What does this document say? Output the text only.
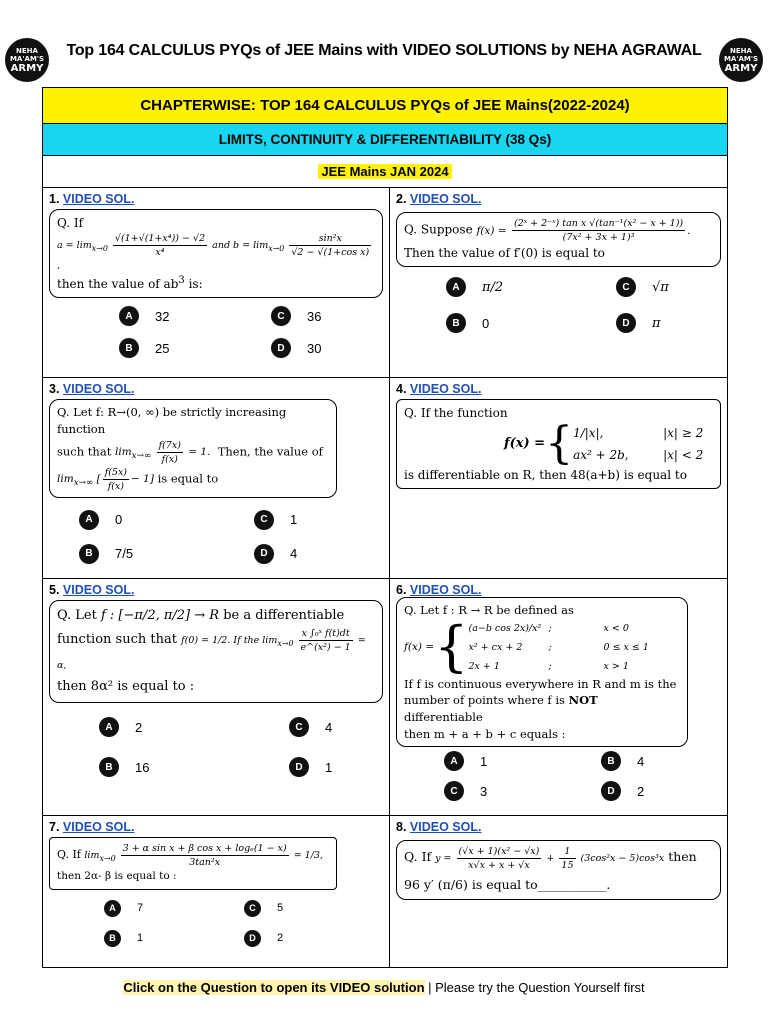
NEHA
MA'AM'S
ARMY
NEHA
MA'AM'S
ARMY
Top 164 CALCULUS PYQs of JEE Mains with VIDEO SOLUTIONS by NEHA AGRAWAL
CHAPTERWISE: TOP 164 CALCULUS PYQs of JEE Mains(2022-2024)
LIMITS, CONTINUITY & DIFFERENTIABILITY (38 Qs)
JEE Mains JAN 2024
1. VIDEO SOL.
Q. If
$a = \lim_{x\to 0} \frac{\text{√(1+√(1+x⁴)) − √2}}{\text{x⁴}}$ and $b = \lim_{x\to 0} \frac{\text{sin²x}}{\text{√2 − √(1+cos x)}}$
,
then the value of $ab^3$ is:
A	32	C	36
B	25	D	30
2. VIDEO SOL.
Q. Suppose $f(x) = \frac{\text{(2ˣ + 2⁻ˣ) tan x √(tan⁻¹(x² − x + 1))}}{\text{(7x² + 3x + 1)³}}$ .
Then the value of f′(0) is equal to
A	π/2	C	√π
B	0	D	π
3. VIDEO SOL.
Q. Let f: R→(0, ∞) be strictly increasing function
such that $\lim_{x\to\infty} \frac{f(7x)}{f(x)} = 1$. Then, the value of
$\lim_{x\to\infty}$ [ $\frac{f(5x)}{f(x)} - 1$] is equal to
A	0	C	1
B	7/5	D	4
4. VIDEO SOL.
Q. If the function
f(x) = { 1/|x|,	|x| ≥ 2
ax² + 2b,	|x| < 2
is differentiable on R, then 48(a+b) is equal to
5. VIDEO SOL.
Q. Let f : [−π/2, π/2] → R be a differentiable
function such that f(0) = 1/2. If the $\lim_{x\to 0} \frac{\text{x ∫₀ˣ f(t)dt}}{\text{e\textasciicircum{}(x²) − 1}} = \alpha$,
then 8α² is equal to :
A	2	C	4
B	16	D	1
6. VIDEO SOL.
Q. Let f : R → R be defined as
f(x) = { (a−b cos 2x)/x² ;	x < 0
x² + cx + 2	;	0 ≤ x ≤ 1
2x + 1	;	x > 1
If f is continuous everywhere in R and m is the
number of points where f is NOT differentiable
then m + a + b + c equals :
A	1	B	4
C	3	D	2
7. VIDEO SOL.
Q. If $\lim_{x\to 0} \frac{\text{3 + α sin x + β cos x + logₑ(1 − x)}}{\text{3tan²x}} = 1/3$,
then 2α- β is equal to :
A	7	C	5
B	1	D	2
8. VIDEO SOL.
Q. If $y = \frac{\text{(√x + 1)(x² − √x)}}{x√x + x + √x} + \frac{1}{15} (3\cos^2x - 5)\cos^3x$ then
96 y′ (π/6) is equal to___________.
Click on the Question to open its VIDEO solution | Please try the Question Yourself first
